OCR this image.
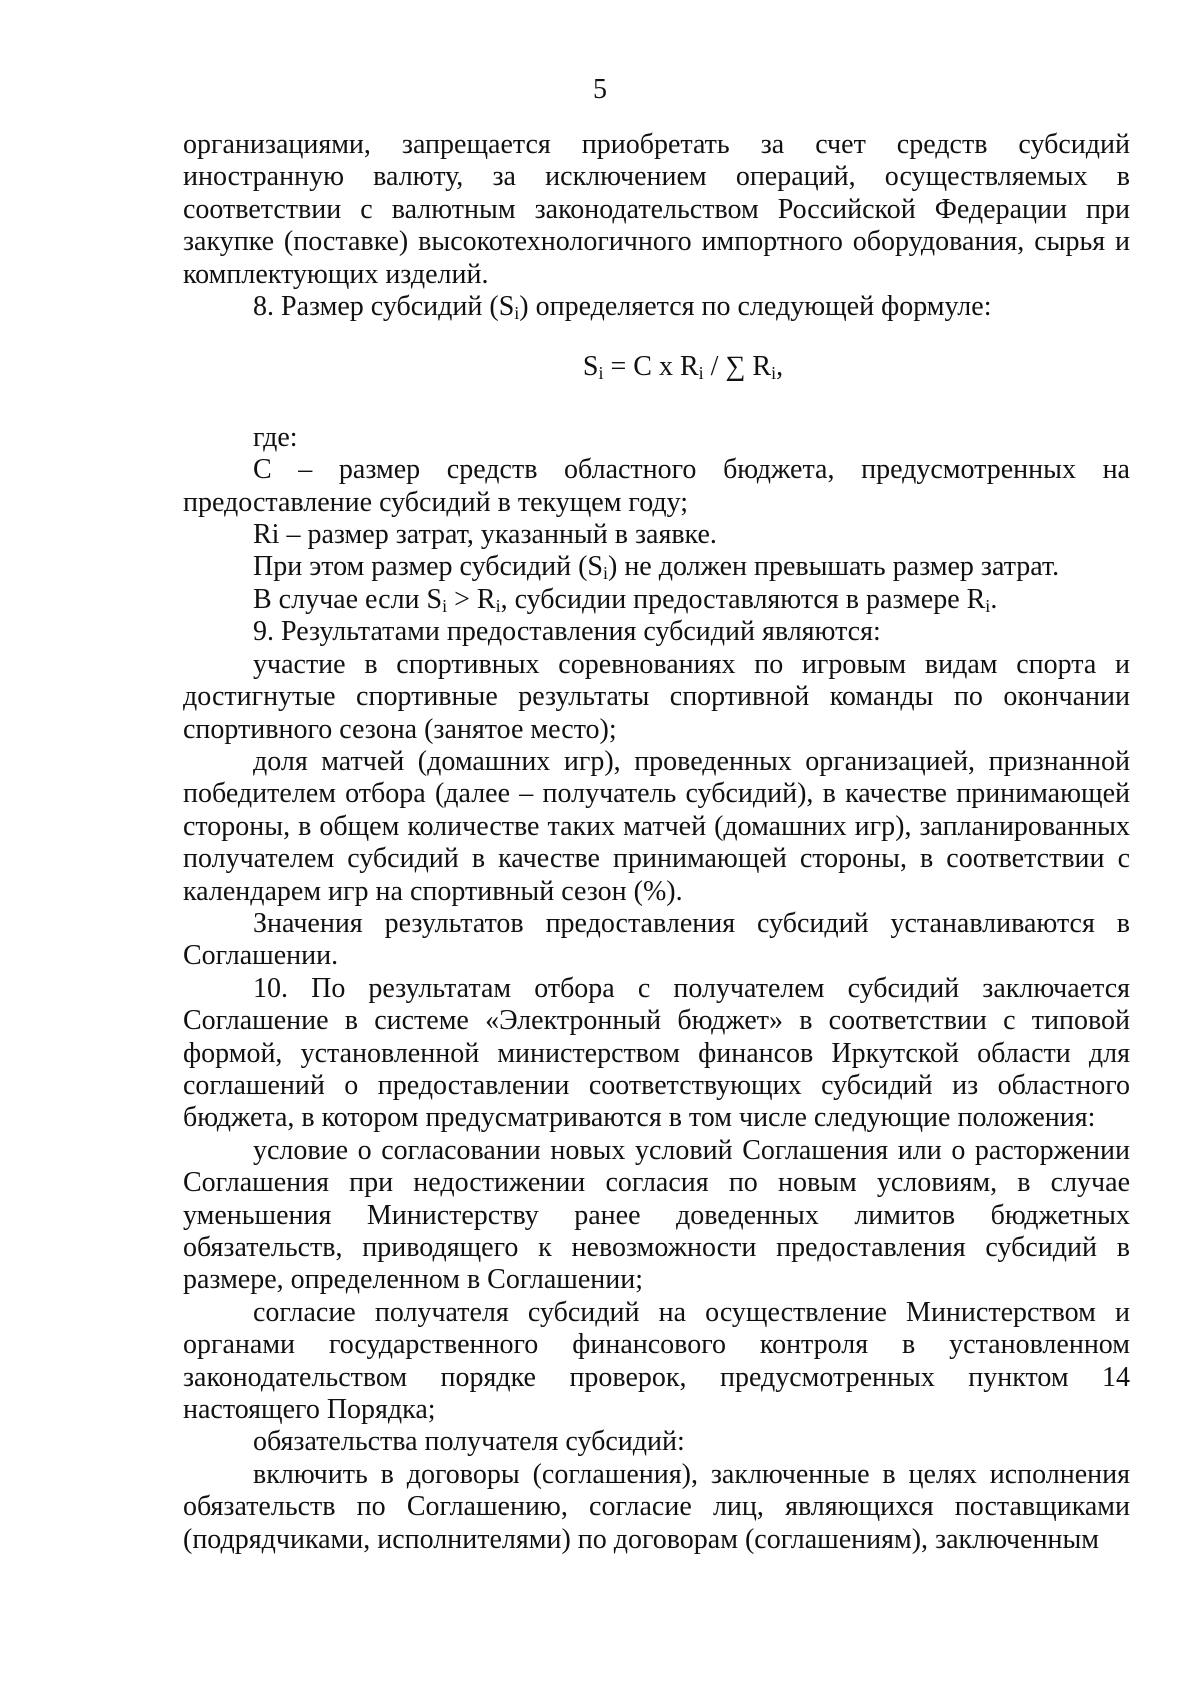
5

организациями, запрещается приобретать за счет средств субсидий иностранную валюту, за исключением операций, осуществляемых в соответствии с валютным законодательством Российской Федерации при закупке (поставке) высокотехнологичного импортного оборудования, сырья и комплектующих изделий.

8. Размер субсидий $(S_i)$ определяется по следующей формуле:

$S_i = C$ x $R_i$ / ∑ $R_i$,

где:

С – размер средств областного бюджета, предусмотренных на предоставление субсидий в текущем году;

Ri – размер затрат, указанный в заявке.

При этом размер субсидий $(S_i)$ не должен превышать размер затрат.

В случае если $S_i > R_i$, субсидии предоставляются в размере $R_i$.

9. Результатами предоставления субсидий являются:

участие в спортивных соревнованиях по игровым видам спорта и достигнутые спортивные результаты спортивной команды по окончании спортивного сезона (занятое место);

доля матчей (домашних игр), проведенных организацией, признанной победителем отбора (далее – получатель субсидий), в качестве принимающей стороны, в общем количестве таких матчей (домашних игр), запланированных получателем субсидий в качестве принимающей стороны, в соответствии с календарем игр на спортивный сезон (%).

Значения результатов предоставления субсидий устанавливаются в Соглашении.

10. По результатам отбора с получателем субсидий заключается Соглашение в системе «Электронный бюджет» в соответствии с типовой формой, установленной министерством финансов Иркутской области для соглашений о предоставлении соответствующих субсидий из областного бюджета, в котором предусматриваются в том числе следующие положения:

условие о согласовании новых условий Соглашения или о расторжении Соглашения при недостижении согласия по новым условиям, в случае уменьшения Министерству ранее доведенных лимитов бюджетных обязательств, приводящего к невозможности предоставления субсидий в размере, определенном в Соглашении;

согласие получателя субсидий на осуществление Министерством и органами государственного финансового контроля в установленном законодательством порядке проверок, предусмотренных пунктом 14 настоящего Порядка;

обязательства получателя субсидий:

включить в договоры (соглашения), заключенные в целях исполнения обязательств по Соглашению, согласие лиц, являющихся поставщиками (подрядчиками, исполнителями) по договорам (соглашениям), заключенным
